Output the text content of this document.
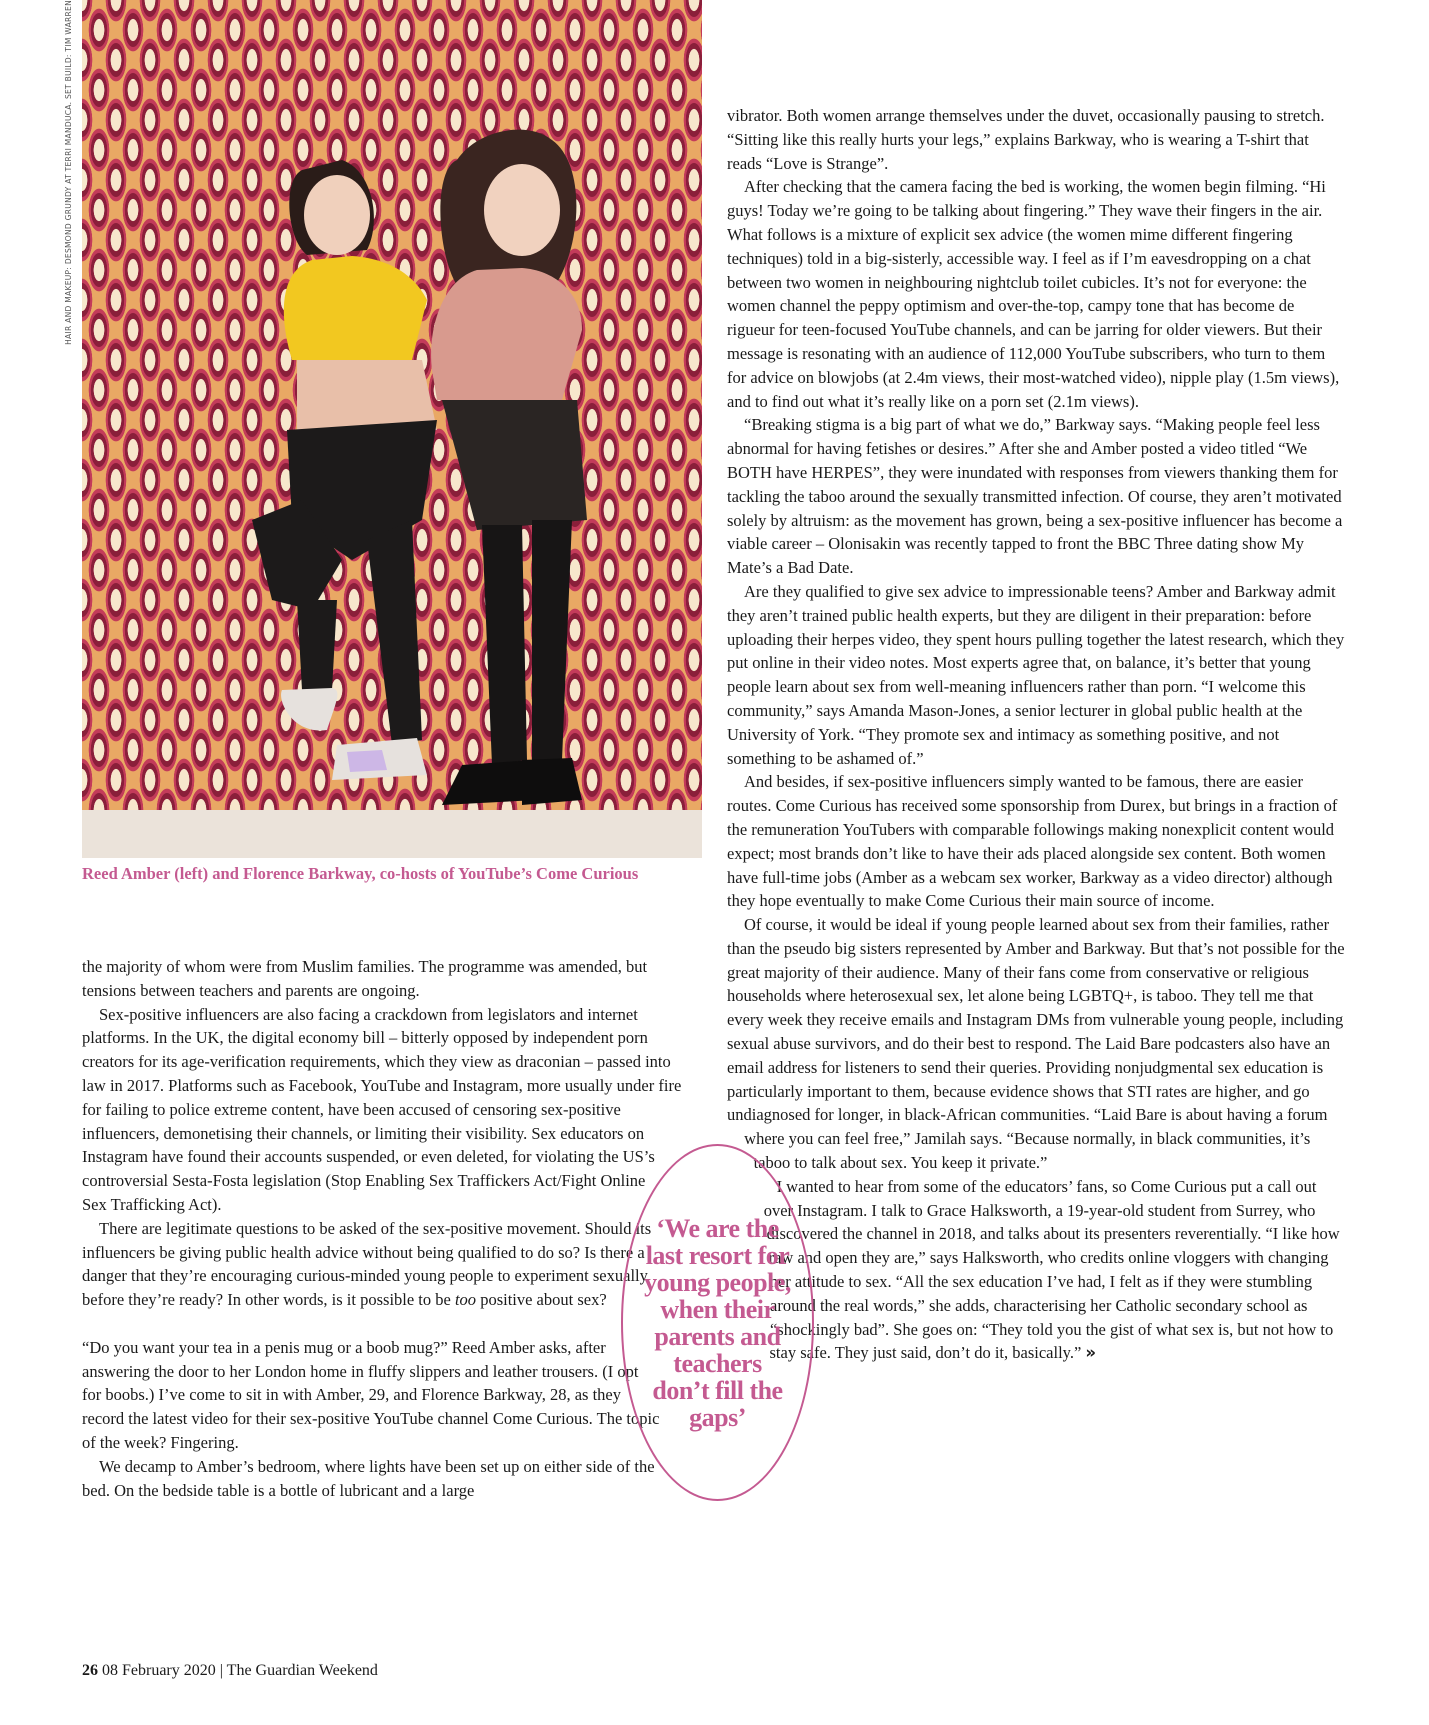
HAIR AND MAKEUP: DESMOND GRUNDY AT TERRI MANDUCA. SET BUILD: TIM WARREN
Reed Amber (left) and Florence Barkway, co-hosts of YouTube’s Come Curious

the majority of whom were from Muslim families. The programme was amended, but tensions between teachers and parents are ongoing.

Sex-positive influencers are also facing a crackdown from legislators and internet platforms. In the UK, the digital economy bill – bitterly opposed by independent porn creators for its age-verification requirements, which they view as draconian – passed into law in 2017. Platforms such as Facebook, YouTube and Instagram, more usually under fire for failing to police extreme content, have been accused of censoring sex-positive influencers, demonetising their channels, or limiting their visibility. Sex educators on Instagram have found their accounts suspended, or even deleted, for violating the US’s controversial Sesta-Fosta legislation (Stop Enabling Sex Traffickers Act/Fight Online Sex Trafficking Act).

There are legitimate questions to be asked of the sex-positive movement. Should its influencers be giving public health advice without being qualified to do so? Is there a danger that they’re encouraging curious-minded young people to experiment sexually before they’re ready? In other words, is it possible to be too positive about sex?

“Do you want your tea in a penis mug or a boob mug?” Reed Amber asks, after answering the door to her London home in fluffy slippers and leather trousers. (I opt for boobs.) I’ve come to sit in with Amber, 29, and Florence Barkway, 28, as they record the latest video for their sex-positive YouTube channel Come Curious. The topic of the week? Fingering.

We decamp to Amber’s bedroom, where lights have been set up on either side of the bed. On the bedside table is a bottle of lubricant and a large

vibrator. Both women arrange themselves under the duvet, occasionally pausing to stretch. “Sitting like this really hurts your legs,” explains Barkway, who is wearing a T-shirt that reads “Love is Strange”.

After checking that the camera facing the bed is working, the women begin filming. “Hi guys! Today we’re going to be talking about fingering.” They wave their fingers in the air. What follows is a mixture of explicit sex advice (the women mime different fingering techniques) told in a big-sisterly, accessible way. I feel as if I’m eavesdropping on a chat between two women in neighbouring nightclub toilet cubicles. It’s not for everyone: the women channel the peppy optimism and over-the-top, campy tone that has become de rigueur for teen-focused YouTube channels, and can be jarring for older viewers. But their message is resonating with an audience of 112,000 YouTube subscribers, who turn to them for advice on blowjobs (at 2.4m views, their most-watched video), nipple play (1.5m views), and to find out what it’s really like on a porn set (2.1m views).

“Breaking stigma is a big part of what we do,” Barkway says. “Making people feel less abnormal for having fetishes or desires.” After she and Amber posted a video titled “We BOTH have HERPES”, they were inundated with responses from viewers thanking them for tackling the taboo around the sexually transmitted infection. Of course, they aren’t motivated solely by altruism: as the movement has grown, being a sex-positive influencer has become a viable career – Olonisakin was recently tapped to front the BBC Three dating show My Mate’s a Bad Date.

Are they qualified to give sex advice to impressionable teens? Amber and Barkway admit they aren’t trained public health experts, but they are diligent in their preparation: before uploading their herpes video, they spent hours pulling together the latest research, which they put online in their video notes. Most experts agree that, on balance, it’s better that young people learn about sex from well-meaning influencers rather than porn. “I welcome this community,” says Amanda Mason-Jones, a senior lecturer in global public health at the University of York. “They promote sex and intimacy as something positive, and not something to be ashamed of.”

And besides, if sex-positive influencers simply wanted to be famous, there are easier routes. Come Curious has received some sponsorship from Durex, but brings in a fraction of the remuneration YouTubers with comparable followings making nonexplicit content would expect; most brands don’t like to have their ads placed alongside sex content. Both women have full-time jobs (Amber as a webcam sex worker, Barkway as a video director) although they hope eventually to make Come Curious their main source of income.

Of course, it would be ideal if young people learned about sex from their families, rather than the pseudo big sisters represented by Amber and Barkway. But that’s not possible for the great majority of their audience. Many of their fans come from conservative or religious households where heterosexual sex, let alone being LGBTQ+, is taboo. They tell me that every week they receive emails and Instagram DMs from vulnerable young people, including sexual abuse survivors, and do their best to respond. The Laid Bare podcasters also have an email address for listeners to send their queries. Providing nonjudgmental sex education is particularly important to them, because evidence shows that STI rates are higher, and go undiagnosed for longer, in black-African communities. “Laid Bare is about having a forum where you can feel free,” Jamilah says. “Because normally, in black communities, it’s taboo to talk about sex. You keep it private.”

I wanted to hear from some of the educators’ fans, so Come Curious put a call out over Instagram. I talk to Grace Halksworth, a 19-year-old student from Surrey, who discovered the channel in 2018, and talks about its presenters reverentially. “I like how raw and open they are,” says Halksworth, who credits online vloggers with changing her attitude to sex. “All the sex education I’ve had, I felt as if they were stumbling around the real words,” she adds, characterising her Catholic secondary school as “shockingly bad”. She goes on: “They told you the gist of what sex is, but not how to stay safe. They just said, don’t do it, basically.” »

‘We are the last resort for young people, when their parents and teachers don’t fill the gaps’
26 08 February 2020 | The Guardian Weekend
